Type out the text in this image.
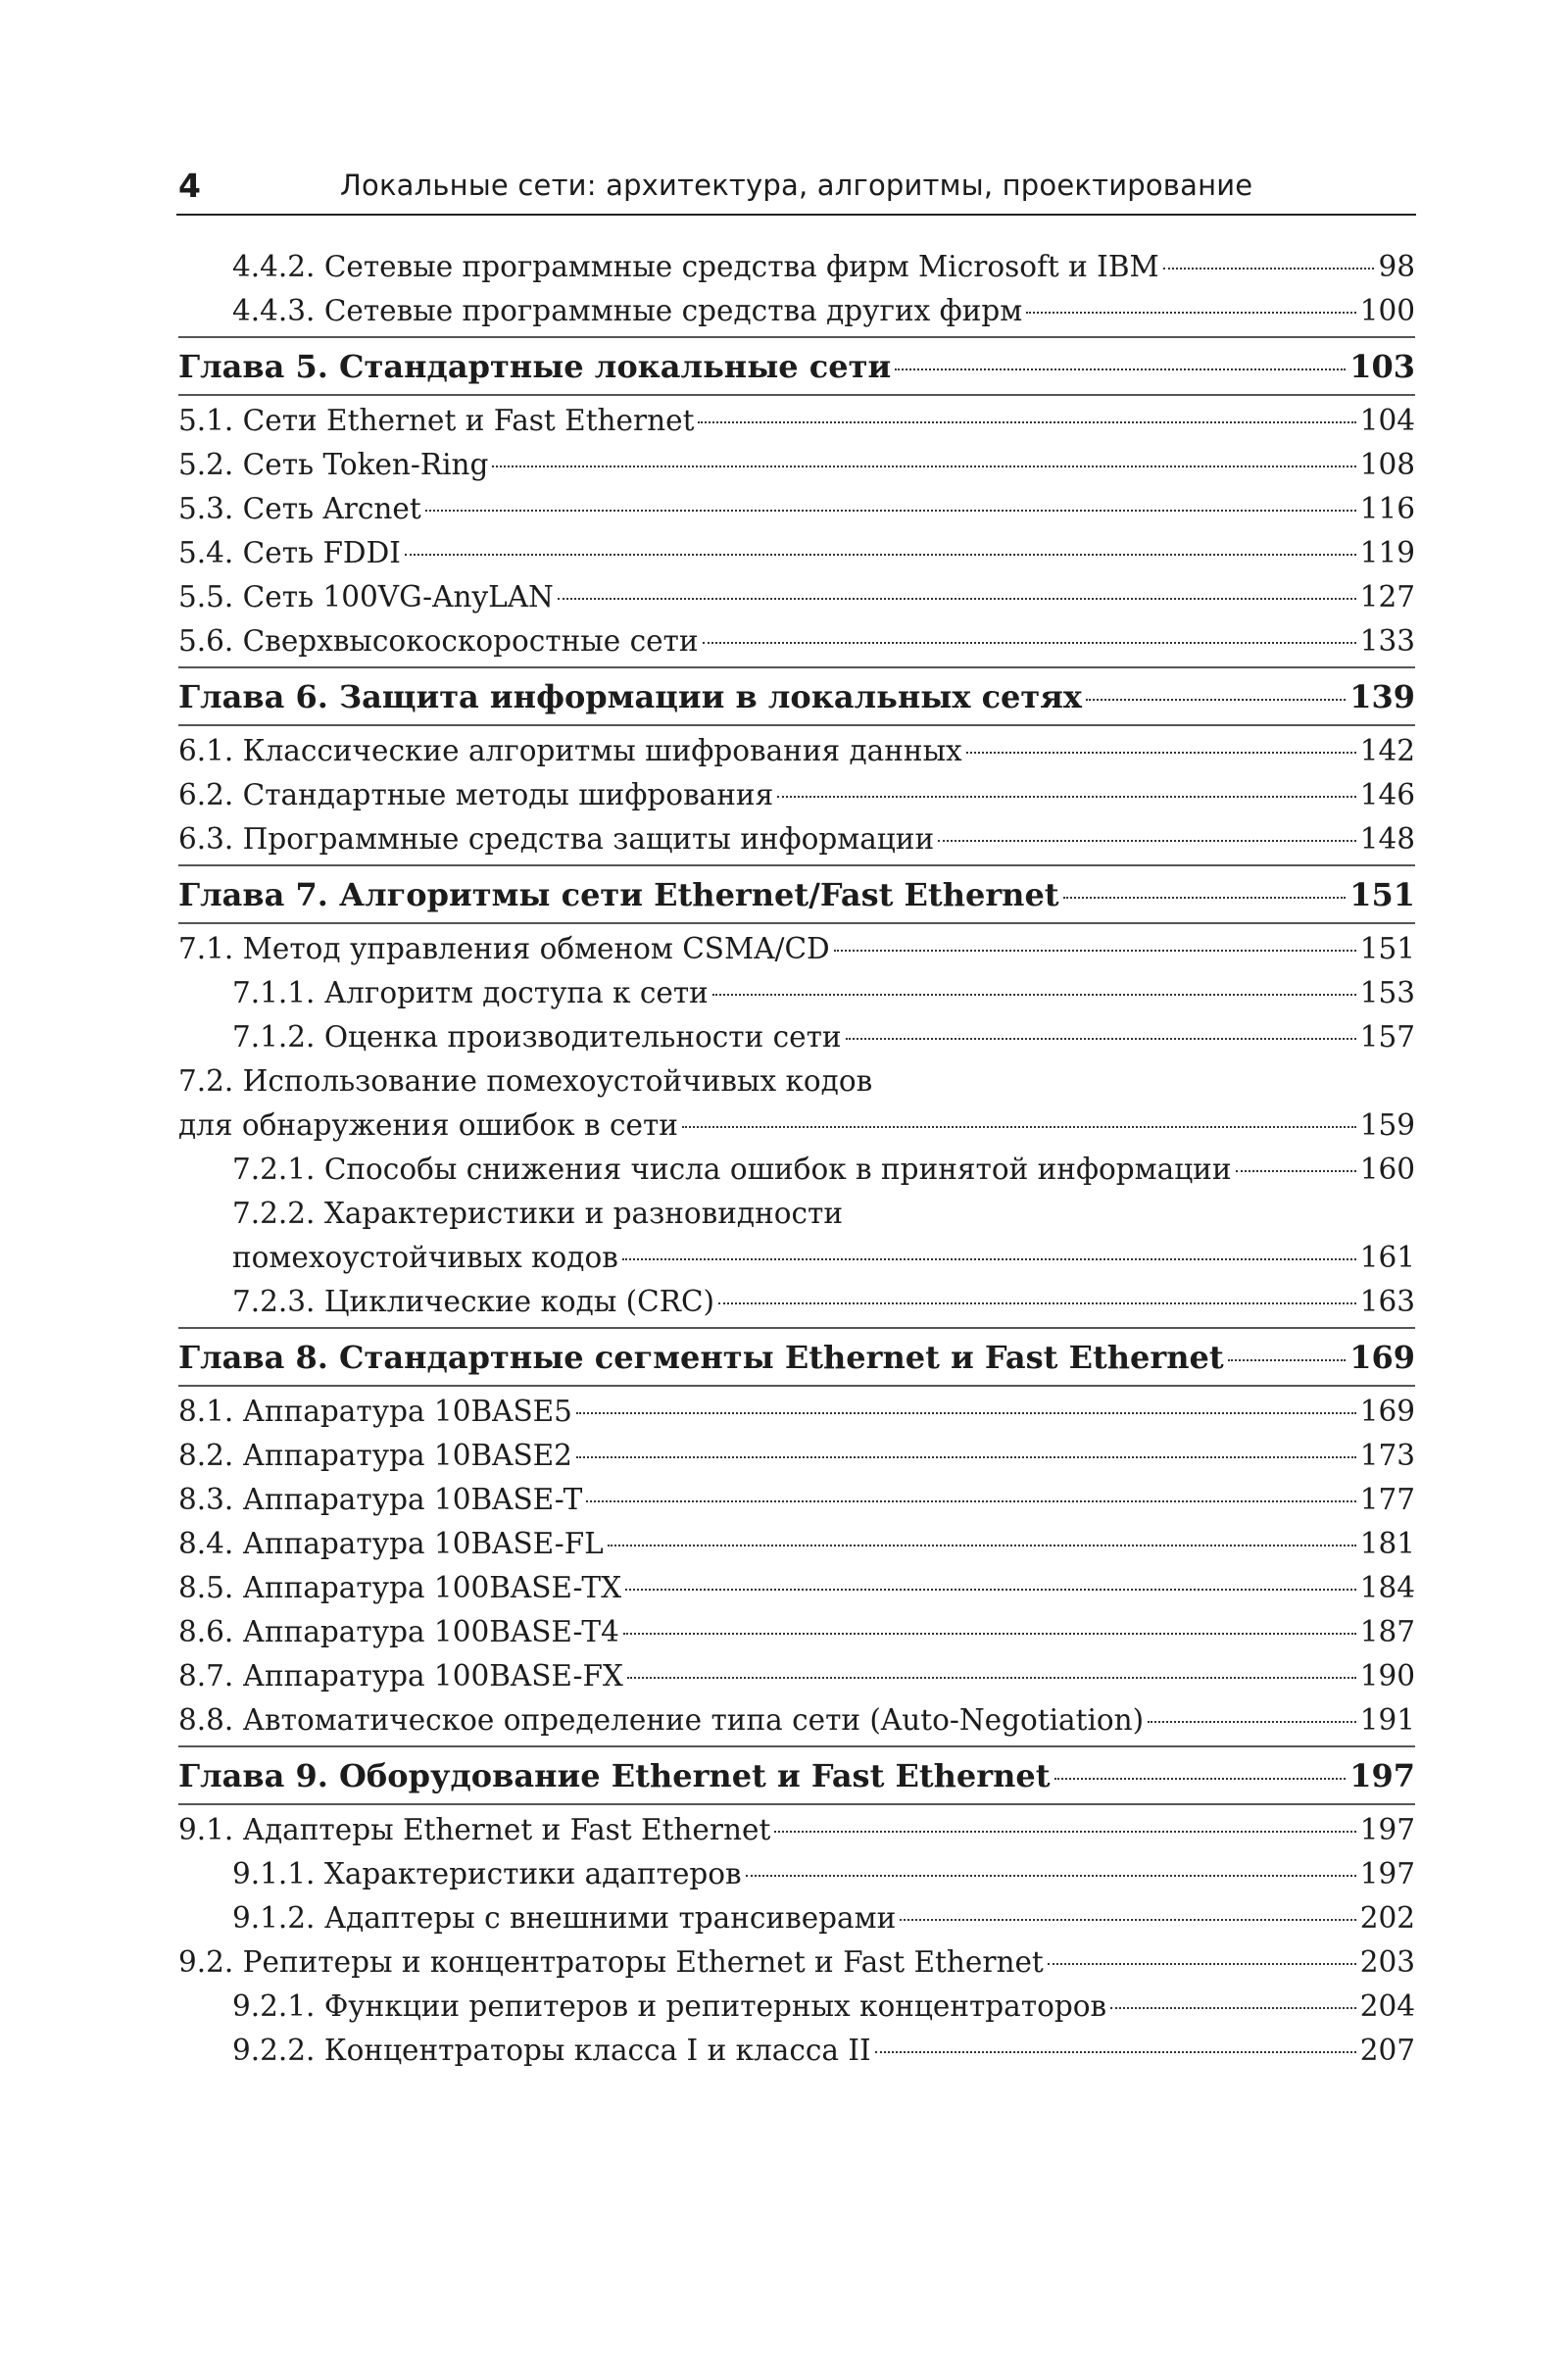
4	Локальные сети: архитектура, алгоритмы, проектирование
4.4.2. Сетевые программные средства фирм Microsoft и IBM	98
4.4.3. Сетевые программные средства других фирм	100
Глава 5. Стандартные локальные сети	103
5.1. Сети Ethernet и Fast Ethernet	104
5.2. Сеть Token-Ring	108
5.3. Сеть Arcnet	116
5.4. Сеть FDDI	119
5.5. Сеть 100VG-AnyLAN	127
5.6. Сверхвысокоскоростные сети	133
Глава 6. Защита информации в локальных сетях	139
6.1. Классические алгоритмы шифрования данных	142
6.2. Стандартные методы шифрования	146
6.3. Программные средства защиты информации	148
Глава 7. Алгоритмы сети Ethernet/Fast Ethernet	151
7.1. Метод управления обменом CSMA/CD	151
7.1.1. Алгоритм доступа к сети	153
7.1.2. Оценка производительности сети	157
7.2. Использование помехоустойчивых кодов
для обнаружения ошибок в сети	159
7.2.1. Способы снижения числа ошибок в принятой информации	160
7.2.2. Характеристики и разновидности
помехоустойчивых кодов	161
7.2.3. Циклические коды (CRC)	163
Глава 8. Стандартные сегменты Ethernet и Fast Ethernet	169
8.1. Аппаратура 10BASE5	169
8.2. Аппаратура 10BASE2	173
8.3. Аппаратура 10BASE-T	177
8.4. Аппаратура 10BASE-FL	181
8.5. Аппаратура 100BASE-TX	184
8.6. Аппаратура 100BASE-T4	187
8.7. Аппаратура 100BASE-FX	190
8.8. Автоматическое определение типа сети (Auto-Negotiation)	191
Глава 9. Оборудование Ethernet и Fast Ethernet	197
9.1. Адаптеры Ethernet и Fast Ethernet	197
9.1.1. Характеристики адаптеров	197
9.1.2. Адаптеры с внешними трансиверами	202
9.2. Репитеры и концентраторы Ethernet и Fast Ethernet	203
9.2.1. Функции репитеров и репитерных концентраторов	204
9.2.2. Концентраторы класса I и класса II	207
